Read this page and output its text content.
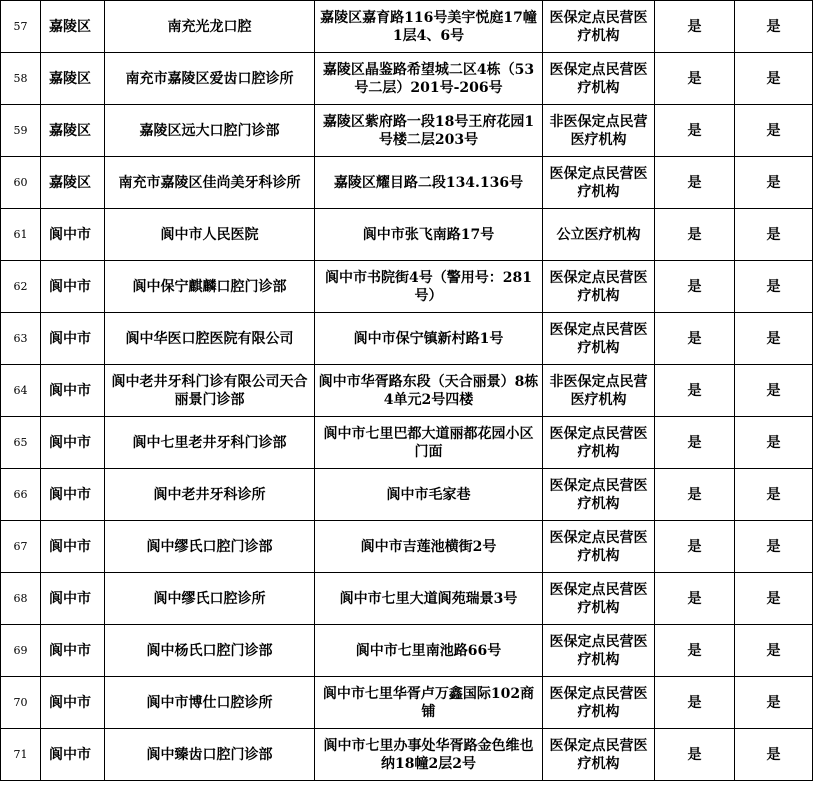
57	嘉陵区	南充光龙口腔	嘉陵区嘉育路116号美宇悦庭17幢1层4、6号	医保定点民营医疗机构	是	是
58	嘉陵区	南充市嘉陵区爱齿口腔诊所	嘉陵区晶鉴路希望城二区4栋（53号二层）201号-206号	医保定点民营医疗机构	是	是
59	嘉陵区	嘉陵区远大口腔门诊部	嘉陵区紫府路一段18号王府花园1号楼二层203号	非医保定点民营医疗机构	是	是
60	嘉陵区	南充市嘉陵区佳尚美牙科诊所	嘉陵区耀目路二段134.136号	医保定点民营医疗机构	是	是
61	阆中市	阆中市人民医院	阆中市张飞南路17号	公立医疗机构	是	是
62	阆中市	阆中保宁麒麟口腔门诊部	阆中市书院街4号（警用号：281号）	医保定点民营医疗机构	是	是
63	阆中市	阆中华医口腔医院有限公司	阆中市保宁镇新村路1号	医保定点民营医疗机构	是	是
64	阆中市	阆中老井牙科门诊有限公司天合丽景门诊部	阆中市华胥路东段（天合丽景）8栋4单元2号四楼	非医保定点民营医疗机构	是	是
65	阆中市	阆中七里老井牙科门诊部	阆中市七里巴都大道丽都花园小区门面	医保定点民营医疗机构	是	是
66	阆中市	阆中老井牙科诊所	阆中市毛家巷	医保定点民营医疗机构	是	是
67	阆中市	阆中缪氏口腔门诊部	阆中市吉莲池横街2号	医保定点民营医疗机构	是	是
68	阆中市	阆中缪氏口腔诊所	阆中市七里大道阆苑瑞景3号	医保定点民营医疗机构	是	是
69	阆中市	阆中杨氏口腔门诊部	阆中市七里南池路66号	医保定点民营医疗机构	是	是
70	阆中市	阆中市博仕口腔诊所	阆中市七里华胥卢万鑫国际102商铺	医保定点民营医疗机构	是	是
71	阆中市	阆中臻齿口腔门诊部	阆中市七里办事处华胥路金色维也纳18幢2层2号	医保定点民营医疗机构	是	是
